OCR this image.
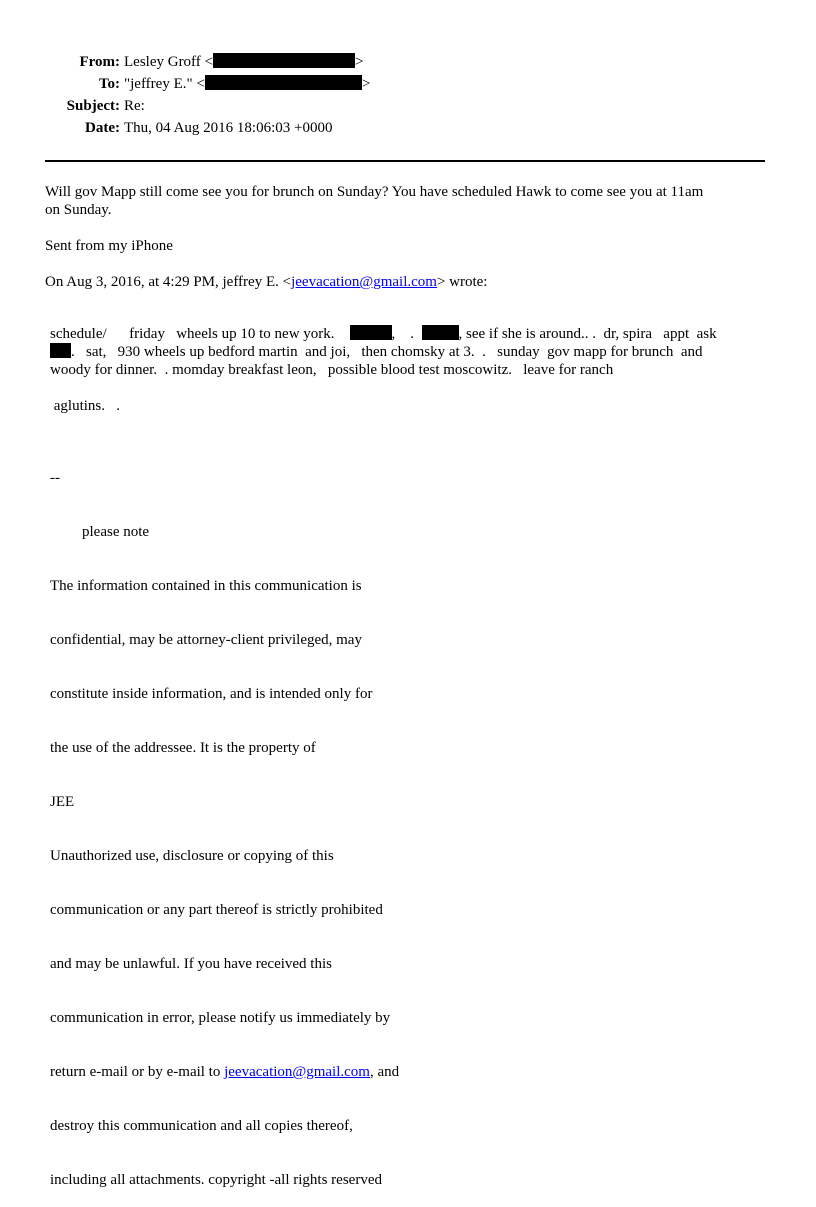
From: Lesley Groff <	>
To: "jeffrey E." <	>
Subject: Re:
Date: Thu, 04 Aug 2016 18:06:03 +0000
Will gov Mapp still come see you for brunch on Sunday? You have scheduled Hawk to come see you at 11am
on Sunday.
Sent from my iPhone
On Aug 3, 2016, at 4:29 PM, jeffrey E. <jeevacation@gmail.com> wrote:
schedule/      friday   wheels up 10 to new york.	,    .  , see if she is around.. .  dr, spira   appt  ask
.   sat,   930 wheels up bedford martin  and joi,   then chomsky at 3.  .   sunday  gov mapp for brunch  and
woody for dinner.  . momday breakfast leon,   possible blood test moscowitz.   leave for ranch
aglutins.   .

--

please note

The information contained in this communication is

confidential, may be attorney-client privileged, may

constitute inside information, and is intended only for

the use of the addressee. It is the property of

JEE

Unauthorized use, disclosure or copying of this

communication or any part thereof is strictly prohibited

and may be unlawful. If you have received this

communication in error, please notify us immediately by

return e-mail or by e-mail to jeevacation@gmail.com, and

destroy this communication and all copies thereof,

including all attachments. copyright -all rights reserved
